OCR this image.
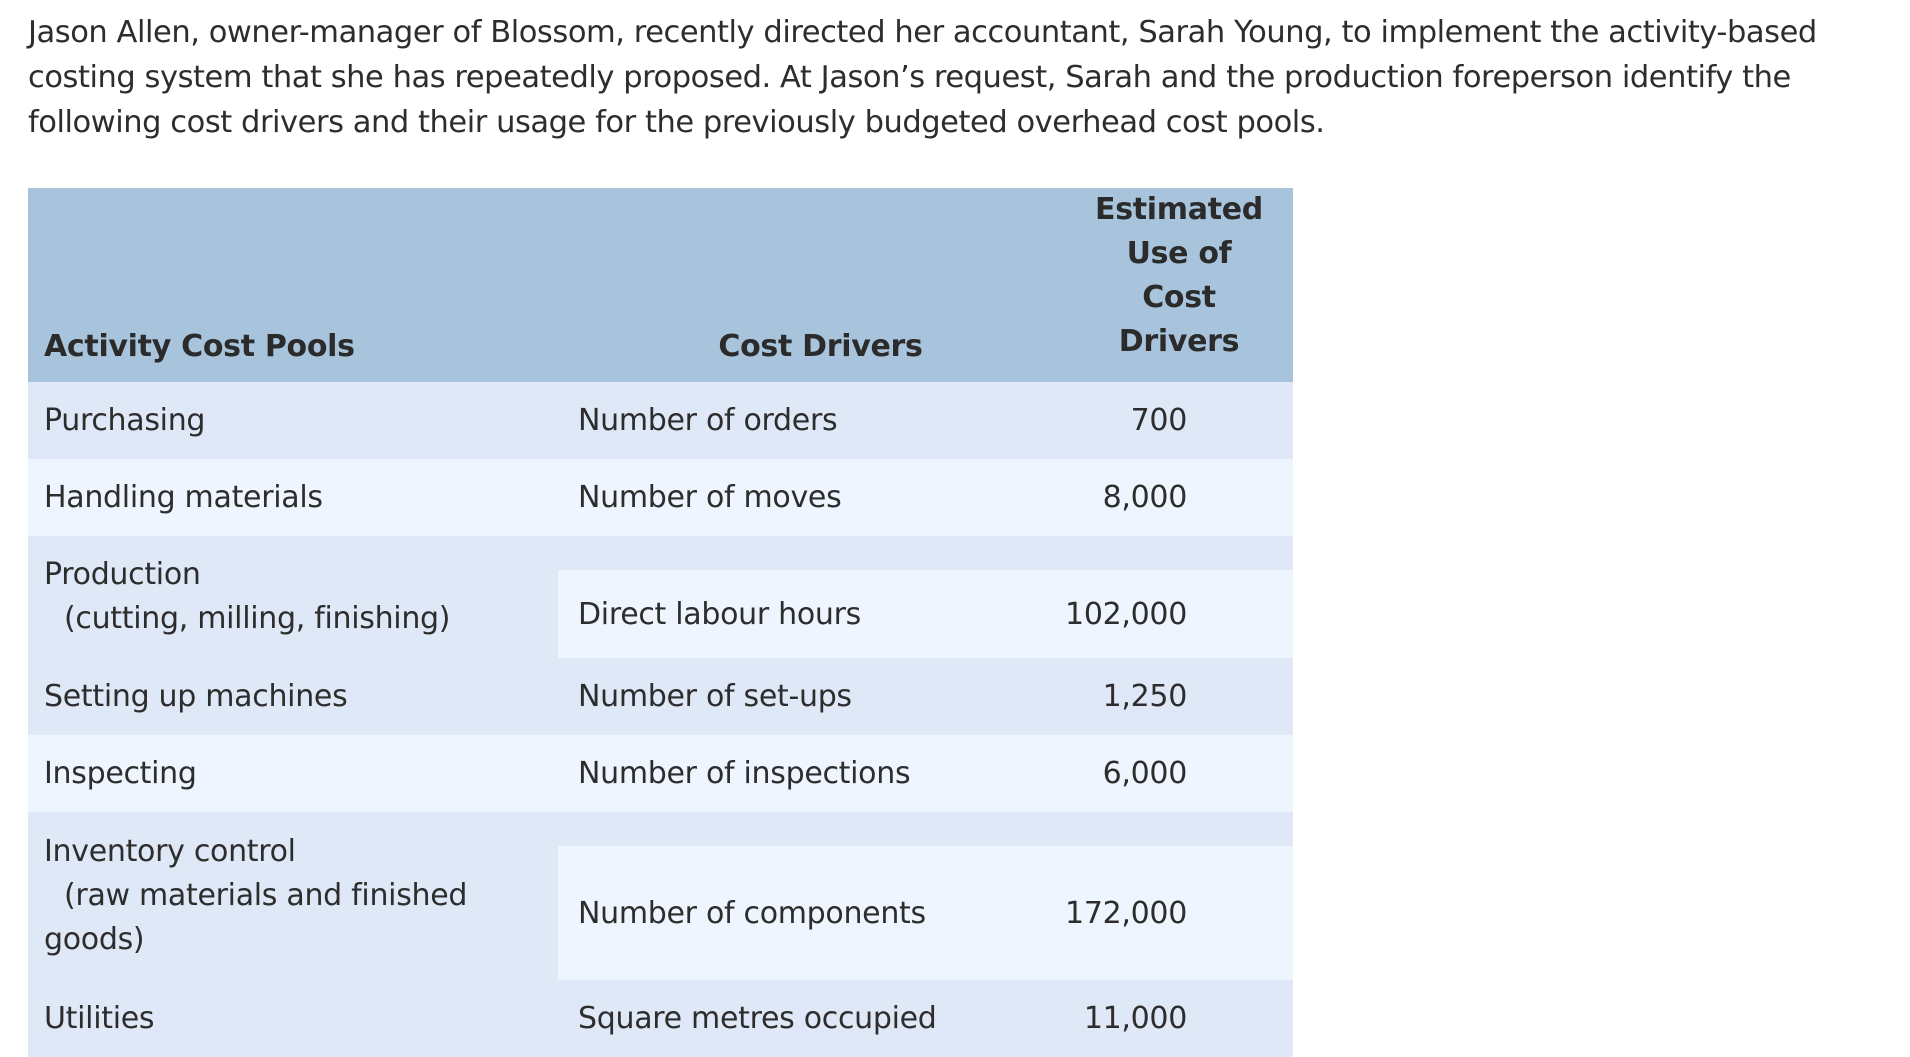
Jason Allen, owner-manager of Blossom, recently directed her accountant, Sarah Young, to implement the activity-based costing system that she has repeatedly proposed. At Jason’s request, Sarah and the production foreperson identify the following cost drivers and their usage for the previously budgeted overhead cost pools.

Activity Cost Pools	Cost Drivers	Estimated Use of
Cost Drivers
Purchasing	Number of orders	700
Handling materials	Number of moves	8,000

Production
(cutting, milling, finishing)	Direct labour hours	102,000

Setting up machines	Number of set-ups	1,250
Inspecting	Number of inspections	6,000

Inventory control
(raw materials and finished
goods)	Number of components	172,000

Utilities	Square metres occupied	11,000
